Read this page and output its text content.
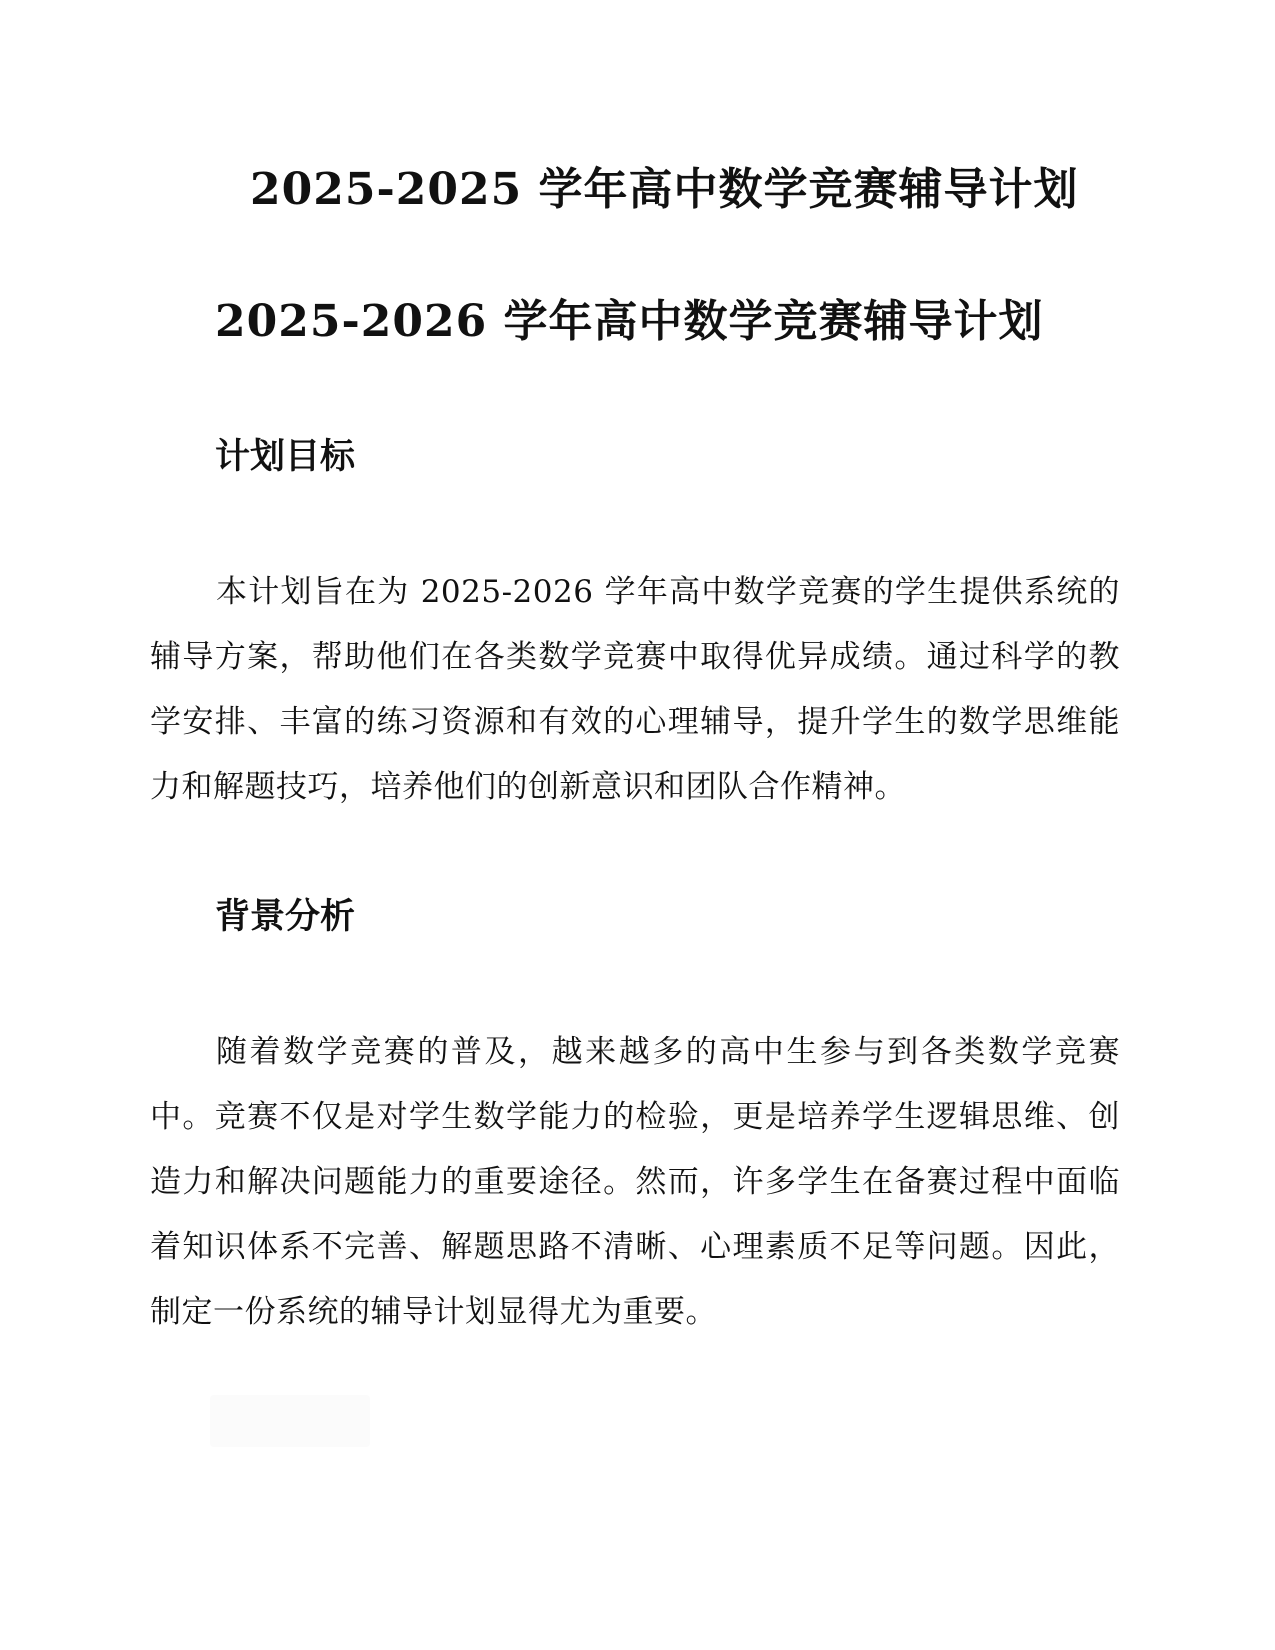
2025-2025 学年高中数学竞赛辅导计划
2025-2026 学年高中数学竞赛辅导计划
计划目标

本计划旨在为 2025-2026 学年高中数学竞赛的学生提供系统的辅导方案，帮助他们在各类数学竞赛中取得优异成绩。通过科学的教学安排、丰富的练习资源和有效的心理辅导，提升学生的数学思维能力和解题技巧，培养他们的创新意识和团队合作精神。

背景分析

随着数学竞赛的普及，越来越多的高中生参与到各类数学竞赛中。竞赛不仅是对学生数学能力的检验，更是培养学生逻辑思维、创造力和解决问题能力的重要途径。然而，许多学生在备赛过程中面临着知识体系不完善、解题思路不清晰、心理素质不足等问题。因此，制定一份系统的辅导计划显得尤为重要。
